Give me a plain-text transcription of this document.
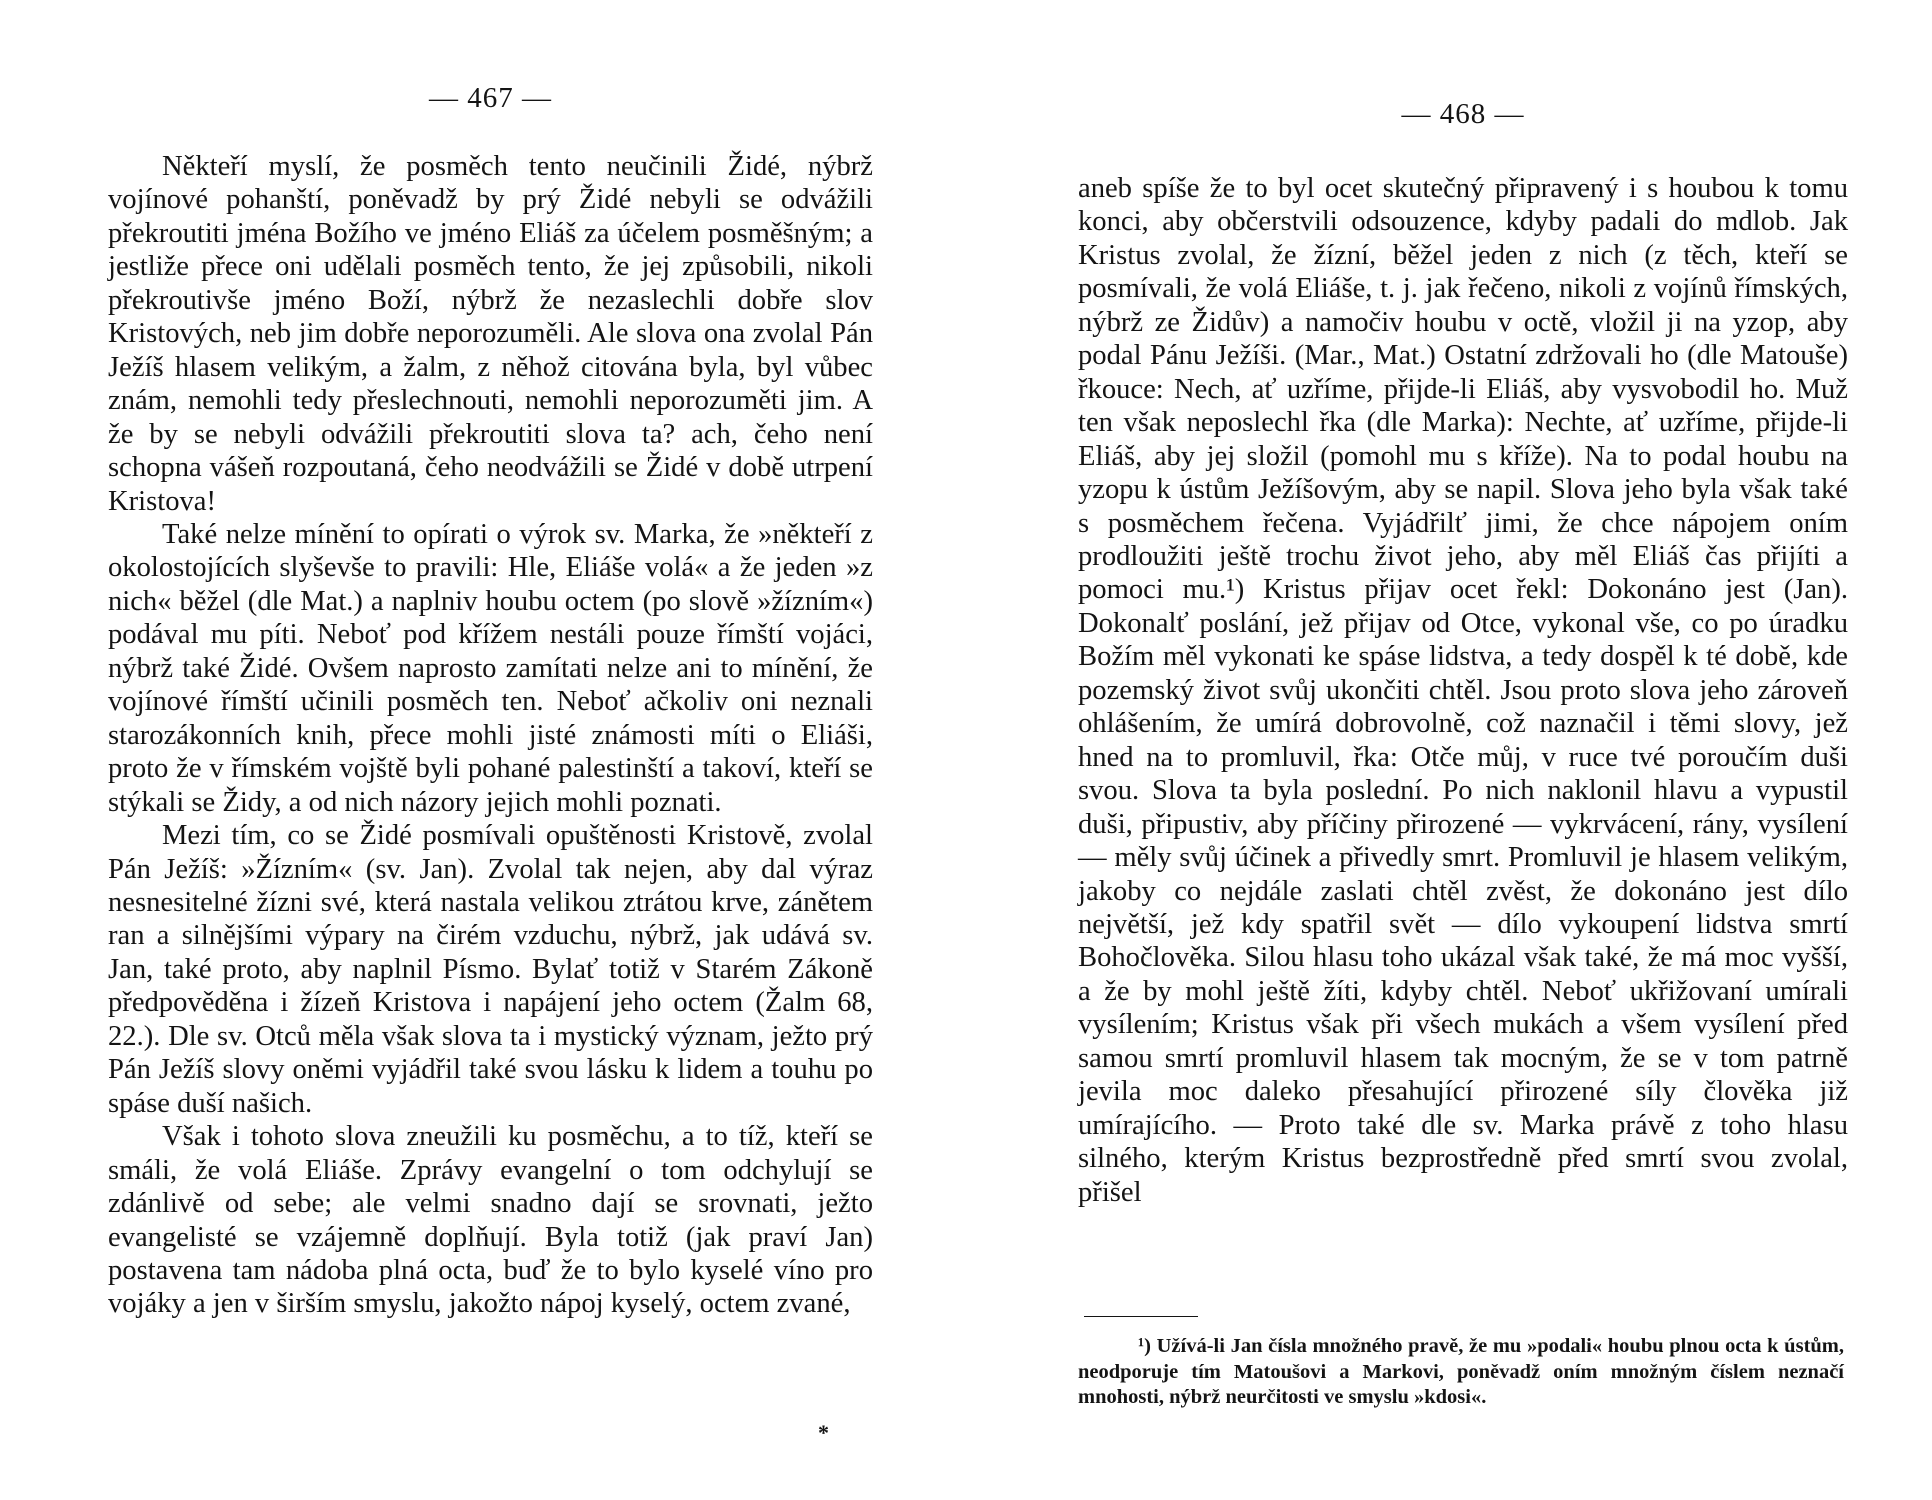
— 467 —

Někteří myslí, že posměch tento neučinili Židé, nýbrž vojínové pohanští, poněvadž by prý Židé nebyli se odvážili překroutiti jména Božího ve jméno Eliáš za účelem posměšným; a jestliže přece oni udělali posměch tento, že jej způsobili, nikoli překroutivše jméno Boží, nýbrž že nezaslechli dobře slov Kristových, neb jim dobře neporozuměli. Ale slova ona zvolal Pán Ježíš hlasem velikým, a žalm, z něhož citována byla, byl vůbec znám, nemohli tedy přeslechnouti, nemohli neporozuměti jim. A že by se nebyli odvážili překroutiti slova ta? ach, čeho není schopna vášeň rozpoutaná, čeho neodvážili se Židé v době utrpení Kristova!

Také nelze mínění to opírati o výrok sv. Marka, že »někteří z okolostojících slyševše to pravili: Hle, Eliáše volá« a že jeden »z nich« běžel (dle Mat.) a naplniv houbu octem (po slově »žízním«) podával mu píti. Neboť pod křížem nestáli pouze římští vojáci, nýbrž také Židé. Ovšem naprosto zamítati nelze ani to mínění, že vojínové římští učinili posměch ten. Neboť ačkoliv oni neznali starozákonních knih, přece mohli jisté známosti míti o Eliáši, proto že v římském vojště byli pohané palestinští a takoví, kteří se stýkali se Židy, a od nich názory jejich mohli poznati.

Mezi tím, co se Židé posmívali opuštěnosti Kristově, zvolal Pán Ježíš: »Žízním« (sv. Jan). Zvolal tak nejen, aby dal výraz nesnesitelné žízni své, která nastala velikou ztrátou krve, zánětem ran a silnějšími výpary na čirém vzduchu, nýbrž, jak udává sv. Jan, také proto, aby naplnil Písmo. Bylať totiž v Starém Zákoně předpověděna i žízeň Kristova i napájení jeho octem (Žalm 68, 22.). Dle sv. Otců měla však slova ta i mystický význam, ježto prý Pán Ježíš slovy oněmi vyjádřil také svou lásku k lidem a touhu po spáse duší našich.

Však i tohoto slova zneužili ku posměchu, a to tíž, kteří se smáli, že volá Eliáše. Zprávy evangelní o tom odchylují se zdánlivě od sebe; ale velmi snadno dají se srovnati, ježto evangelisté se vzájemně doplňují. Byla totiž (jak praví Jan) postavena tam nádoba plná octa, buď že to bylo kyselé víno pro vojáky a jen v širším smyslu, jakožto nápoj kyselý, octem zvané,

*
— 468 —

aneb spíše že to byl ocet skutečný připravený i s houbou k tomu konci, aby občerstvili odsouzence, kdyby padali do mdlob. Jak Kristus zvolal, že žízní, běžel jeden z nich (z těch, kteří se posmívali, že volá Eliáše, t. j. jak řečeno, nikoli z vojínů římských, nýbrž ze Židův) a namočiv houbu v octě, vložil ji na yzop, aby podal Pánu Ježíši. (Mar., Mat.) Ostatní zdržovali ho (dle Matouše) řkouce: Nech, ať uzříme, přijde-li Eliáš, aby vysvobodil ho. Muž ten však neposlechl řka (dle Marka): Nechte, ať uzříme, přijde-li Eliáš, aby jej složil (pomohl mu s kříže). Na to podal houbu na yzopu k ústům Ježíšovým, aby se napil. Slova jeho byla však také s posměchem řečena. Vyjádřilť jimi, že chce nápojem oním prodloužiti ještě trochu život jeho, aby měl Eliáš čas přijíti a pomoci mu.¹) Kristus přijav ocet řekl: Dokonáno jest (Jan). Dokonalť poslání, jež přijav od Otce, vykonal vše, co po úradku Božím měl vykonati ke spáse lidstva, a tedy dospěl k té době, kde pozemský život svůj ukončiti chtěl. Jsou proto slova jeho zároveň ohlášením, že umírá dobrovolně, což naznačil i těmi slovy, jež hned na to promluvil, řka: Otče můj, v ruce tvé poroučím duši svou. Slova ta byla poslední. Po nich naklonil hlavu a vypustil duši, připustiv, aby příčiny přirozené — vykrvácení, rány, vysílení — měly svůj účinek a přivedly smrt. Promluvil je hlasem velikým, jakoby co nejdále zaslati chtěl zvěst, že dokonáno jest dílo největší, jež kdy spatřil svět — dílo vykoupení lidstva smrtí Bohočlověka. Silou hlasu toho ukázal však také, že má moc vyšší, a že by mohl ještě žíti, kdyby chtěl. Neboť ukřižovaní umírali vysílením; Kristus však při všech mukách a všem vysílení před samou smrtí promluvil hlasem tak mocným, že se v tom patrně jevila moc daleko přesahující přirozené síly člověka již umírajícího. — Proto také dle sv. Marka právě z toho hlasu silného, kterým Kristus bezprostředně před smrtí svou zvolal, přišel

¹) Užívá-li Jan čísla množného pravě, že mu »podali« houbu plnou octa k ústům, neodporuje tím Matoušovi a Markovi, poněvadž oním množným číslem neznačí mnohosti, nýbrž neurčitosti ve smyslu »kdosi«.
